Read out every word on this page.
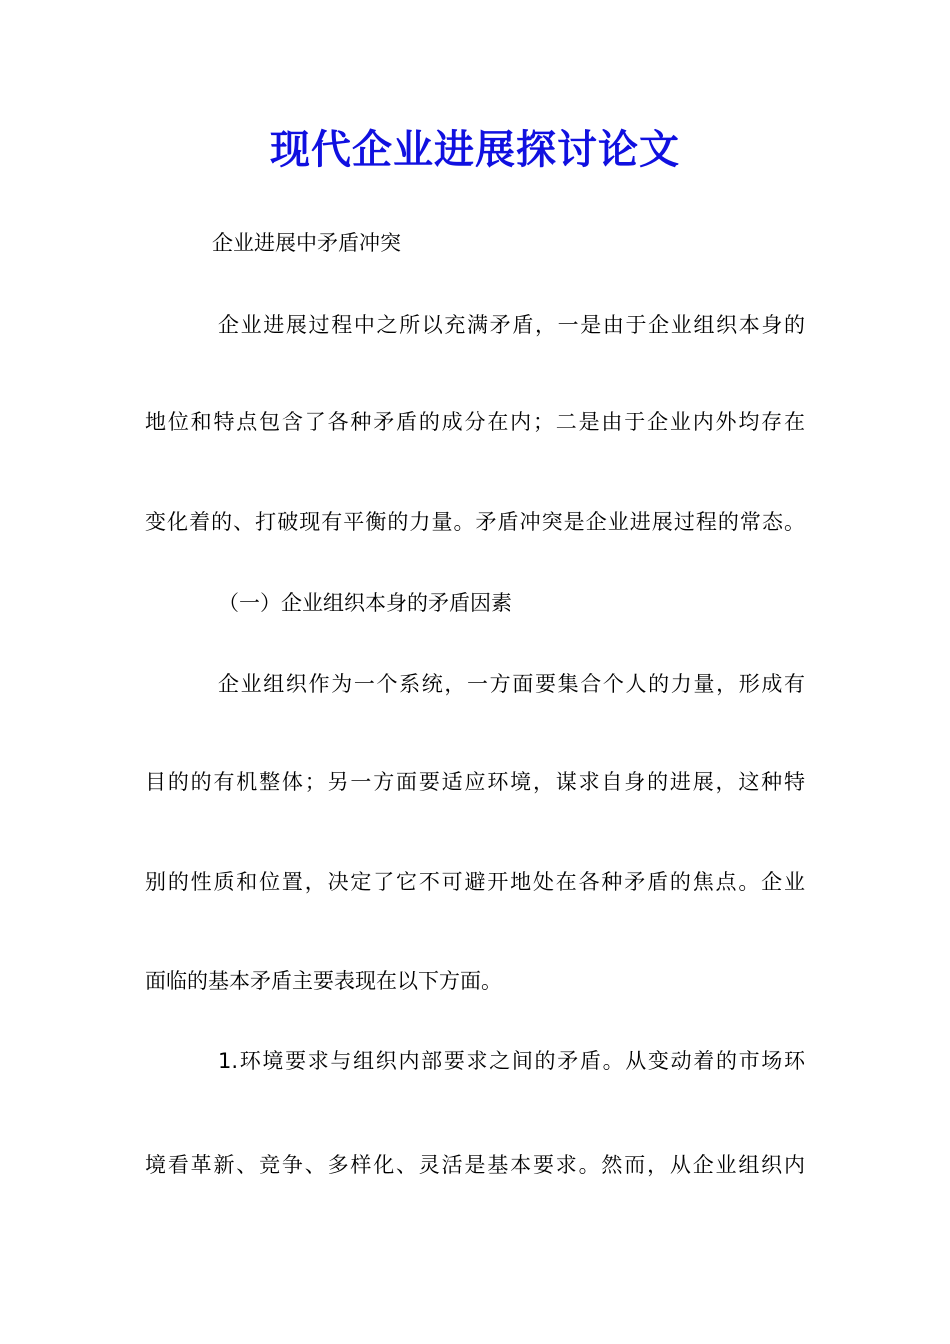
现代企业进展探讨论文
企业进展中矛盾冲突
企业进展过程中之所以充满矛盾，一是由于企业组织本身的
地位和特点包含了各种矛盾的成分在内；二是由于企业内外均存在
变化着的、打破现有平衡的力量。矛盾冲突是企业进展过程的常态。
（一）企业组织本身的矛盾因素
企业组织作为一个系统，一方面要集合个人的力量，形成有
目的的有机整体；另一方面要适应环境，谋求自身的进展，这种特
别的性质和位置，决定了它不可避开地处在各种矛盾的焦点。企业
面临的基本矛盾主要表现在以下方面。
1.环境要求与组织内部要求之间的矛盾。从变动着的市场环
境看革新、竞争、多样化、灵活是基本要求。然而，从企业组织内
